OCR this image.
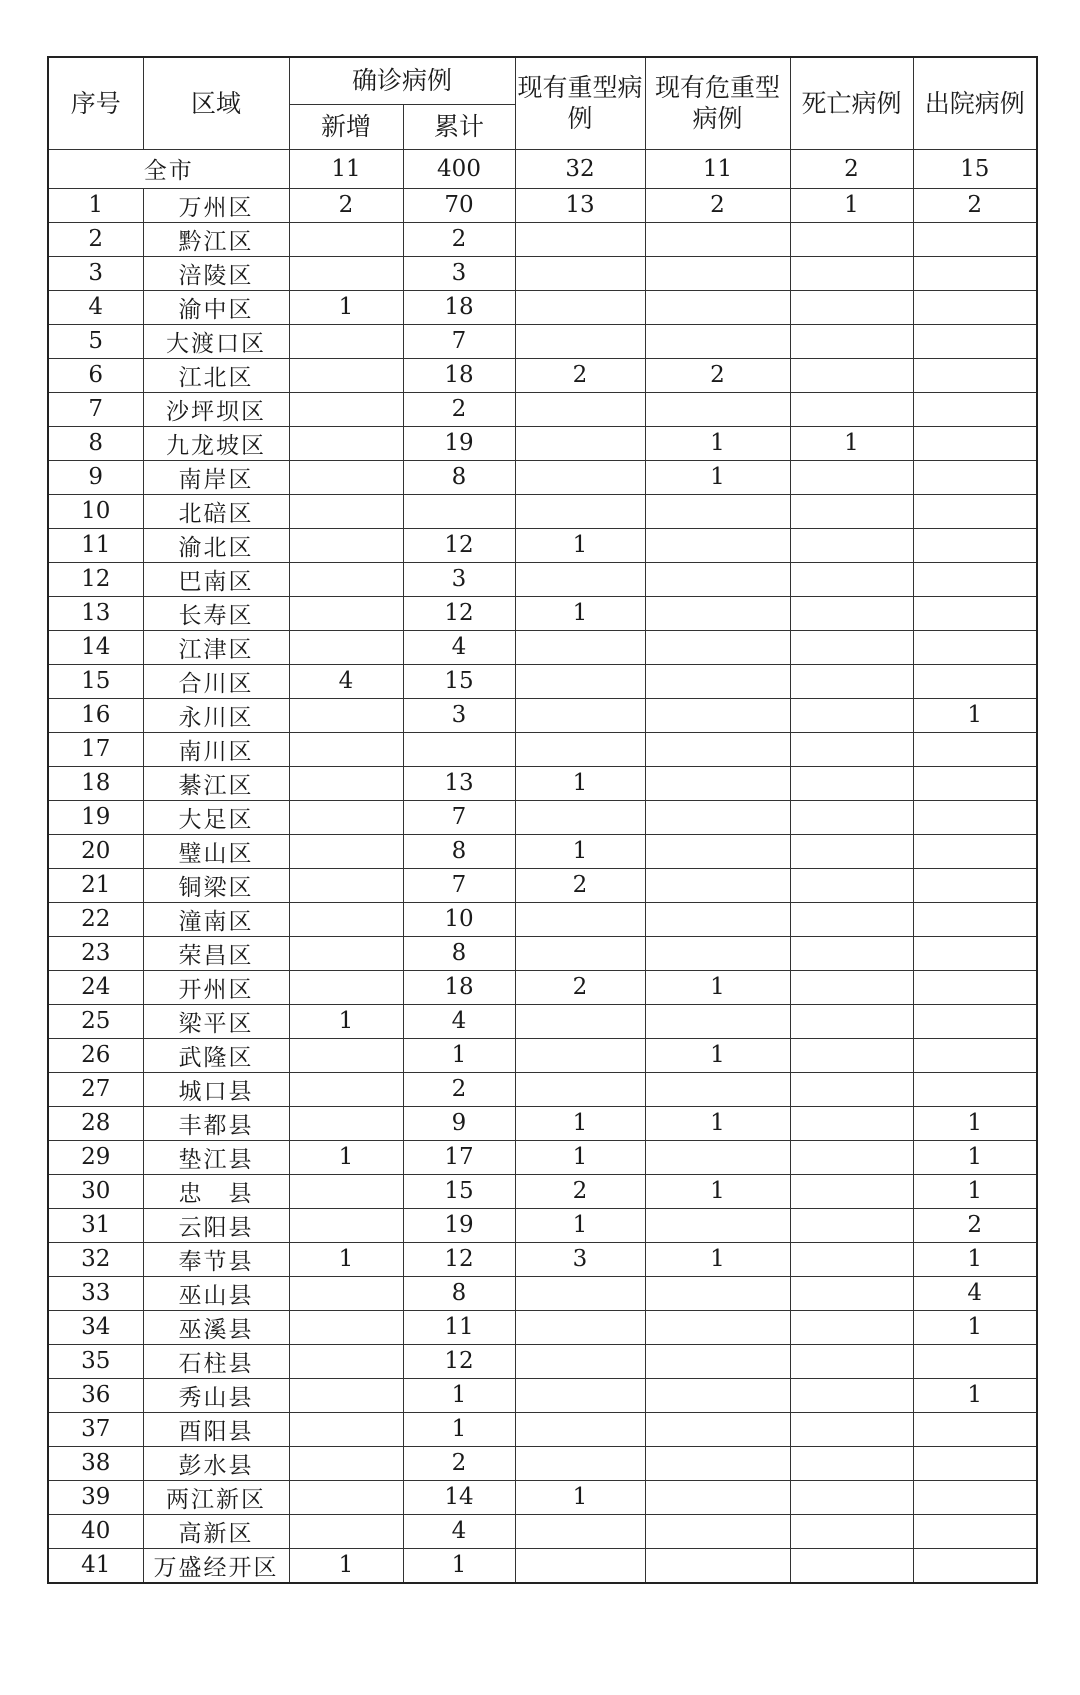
序号	区域	确诊病例		现有重型病例	现有危重型病例	死亡病例	出院病例
		新增	累计				
全市		11	400	32	11	2	15
1	万州区	2	70	13	2	1	2
2	黔江区		2				
3	涪陵区		3				
4	渝中区	1	18				
5	大渡口区		7				
6	江北区		18	2	2		
7	沙坪坝区		2				
8	九龙坡区		19		1	1	
9	南岸区		8		1		
10	北碚区						
11	渝北区		12	1			
12	巴南区		3				
13	长寿区		12	1			
14	江津区		4				
15	合川区	4	15				
16	永川区		3				1
17	南川区						
18	綦江区		13	1			
19	大足区		7				
20	璧山区		8	1			
21	铜梁区		7	2			
22	潼南区		10				
23	荣昌区		8				
24	开州区		18	2	1		
25	梁平区	1	4				
26	武隆区		1		1		
27	城口县		2				
28	丰都县		9	1	1		1
29	垫江县	1	17	1			1
30	忠　县		15	2	1		1
31	云阳县		19	1			2
32	奉节县	1	12	3	1		1
33	巫山县		8				4
34	巫溪县		11				1
35	石柱县		12				
36	秀山县		1				1
37	酉阳县		1				
38	彭水县		2				
39	两江新区		14	1			
40	高新区		4				
41	万盛经开区	1	1				
